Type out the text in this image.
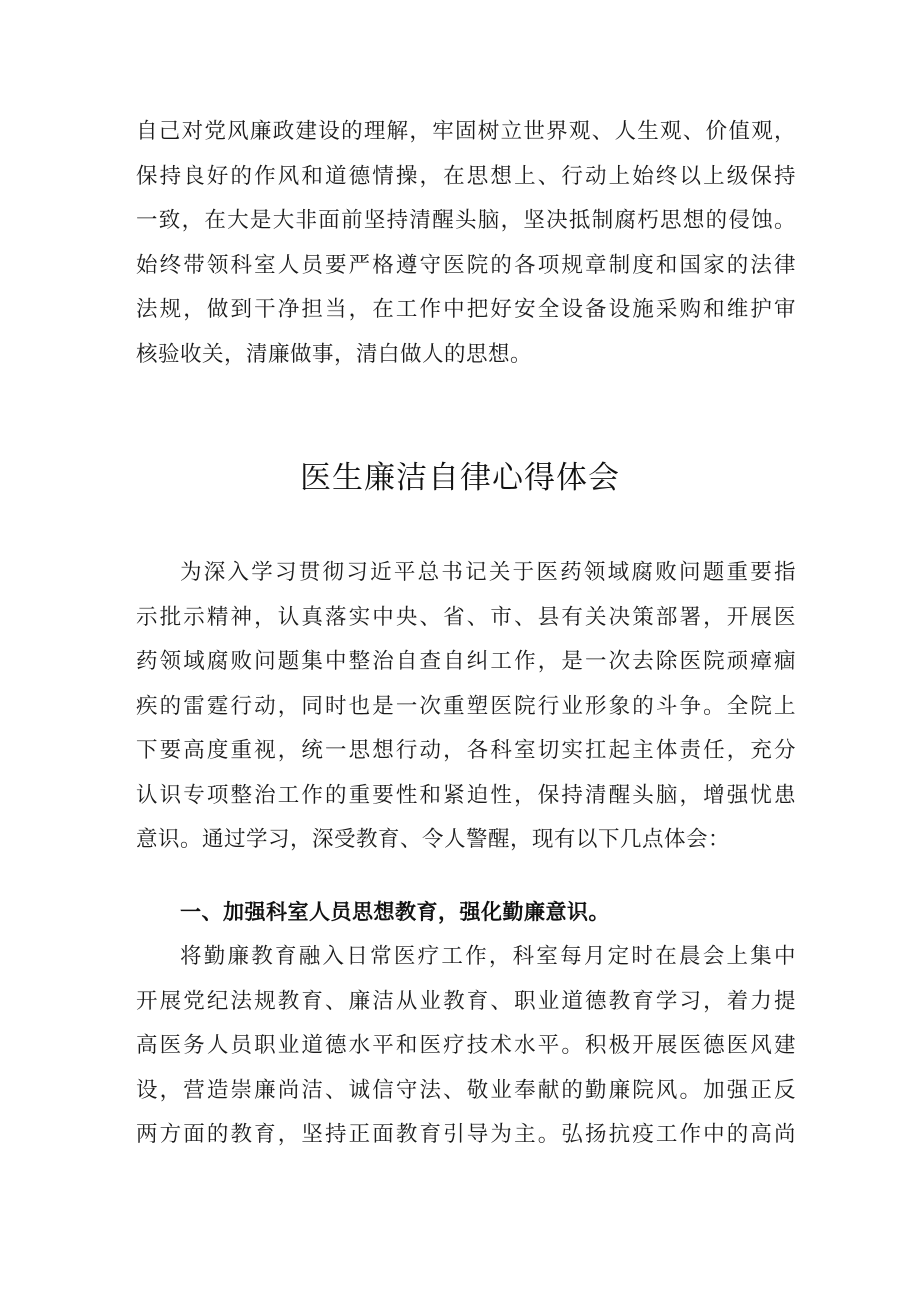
自己对党风廉政建设的理解，牢固树立世界观、人生观、价值观，
保持良好的作风和道德情操，在思想上、行动上始终以上级保持
一致，在大是大非面前坚持清醒头脑，坚决抵制腐朽思想的侵蚀。
始终带领科室人员要严格遵守医院的各项规章制度和国家的法律
法规，做到干净担当，在工作中把好安全设备设施采购和维护审
核验收关，清廉做事，清白做人的思想。
医生廉洁自律心得体会
为深入学习贯彻习近平总书记关于医药领域腐败问题重要指
示批示精神，认真落实中央、省、市、县有关决策部署，开展医
药领域腐败问题集中整治自查自纠工作，是一次去除医院顽瘴痼
疾的雷霆行动，同时也是一次重塑医院行业形象的斗争。全院上
下要高度重视，统一思想行动，各科室切实扛起主体责任，充分
认识专项整治工作的重要性和紧迫性，保持清醒头脑，增强忧患
意识。通过学习，深受教育、令人警醒，现有以下几点体会：
一、加强科室人员思想教育，强化勤廉意识。
将勤廉教育融入日常医疗工作，科室每月定时在晨会上集中
开展党纪法规教育、廉洁从业教育、职业道德教育学习，着力提
高医务人员职业道德水平和医疗技术水平。积极开展医德医风建
设，营造崇廉尚洁、诚信守法、敬业奉献的勤廉院风。加强正反
两方面的教育，坚持正面教育引导为主。弘扬抗疫工作中的高尚
